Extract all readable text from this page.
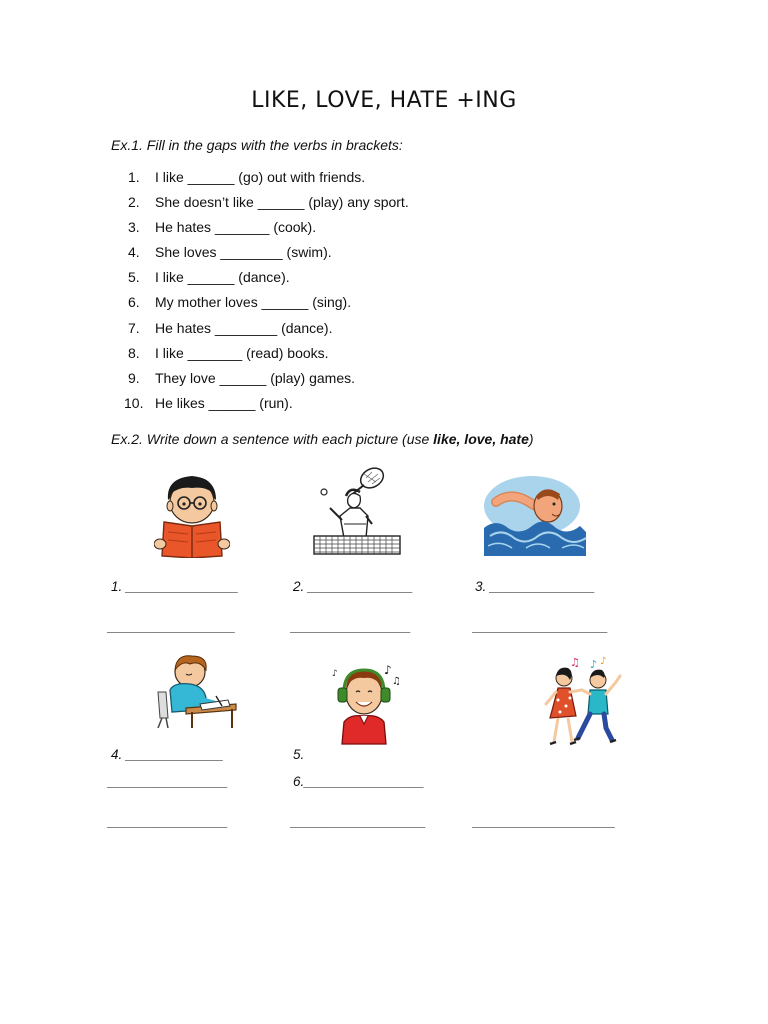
LIKE, LOVE, HATE +ING
Ex.1. Fill in the gaps with the verbs in brackets:
1. I like ______ (go) out with friends.
2. She doesn’t like ______ (play) any sport.
3. He hates _______ (cook).
4. She loves ________ (swim).
5. I like ______ (dance).
6. My mother loves ______ (sing).
7. He hates ________ (dance).
8. I like _______ (read) books.
9. They love ______ (play) games.
10. He likes ______ (run).
Ex.2. Write down a sentence with each picture (use like, love, hate)
1. _______________	2. ______________	3. ______________
_________________	________________	__________________
♪
♫
♪
♫ ♪ ♪
4. _____________	5.
________________	6.________________
________________	__________________	___________________
